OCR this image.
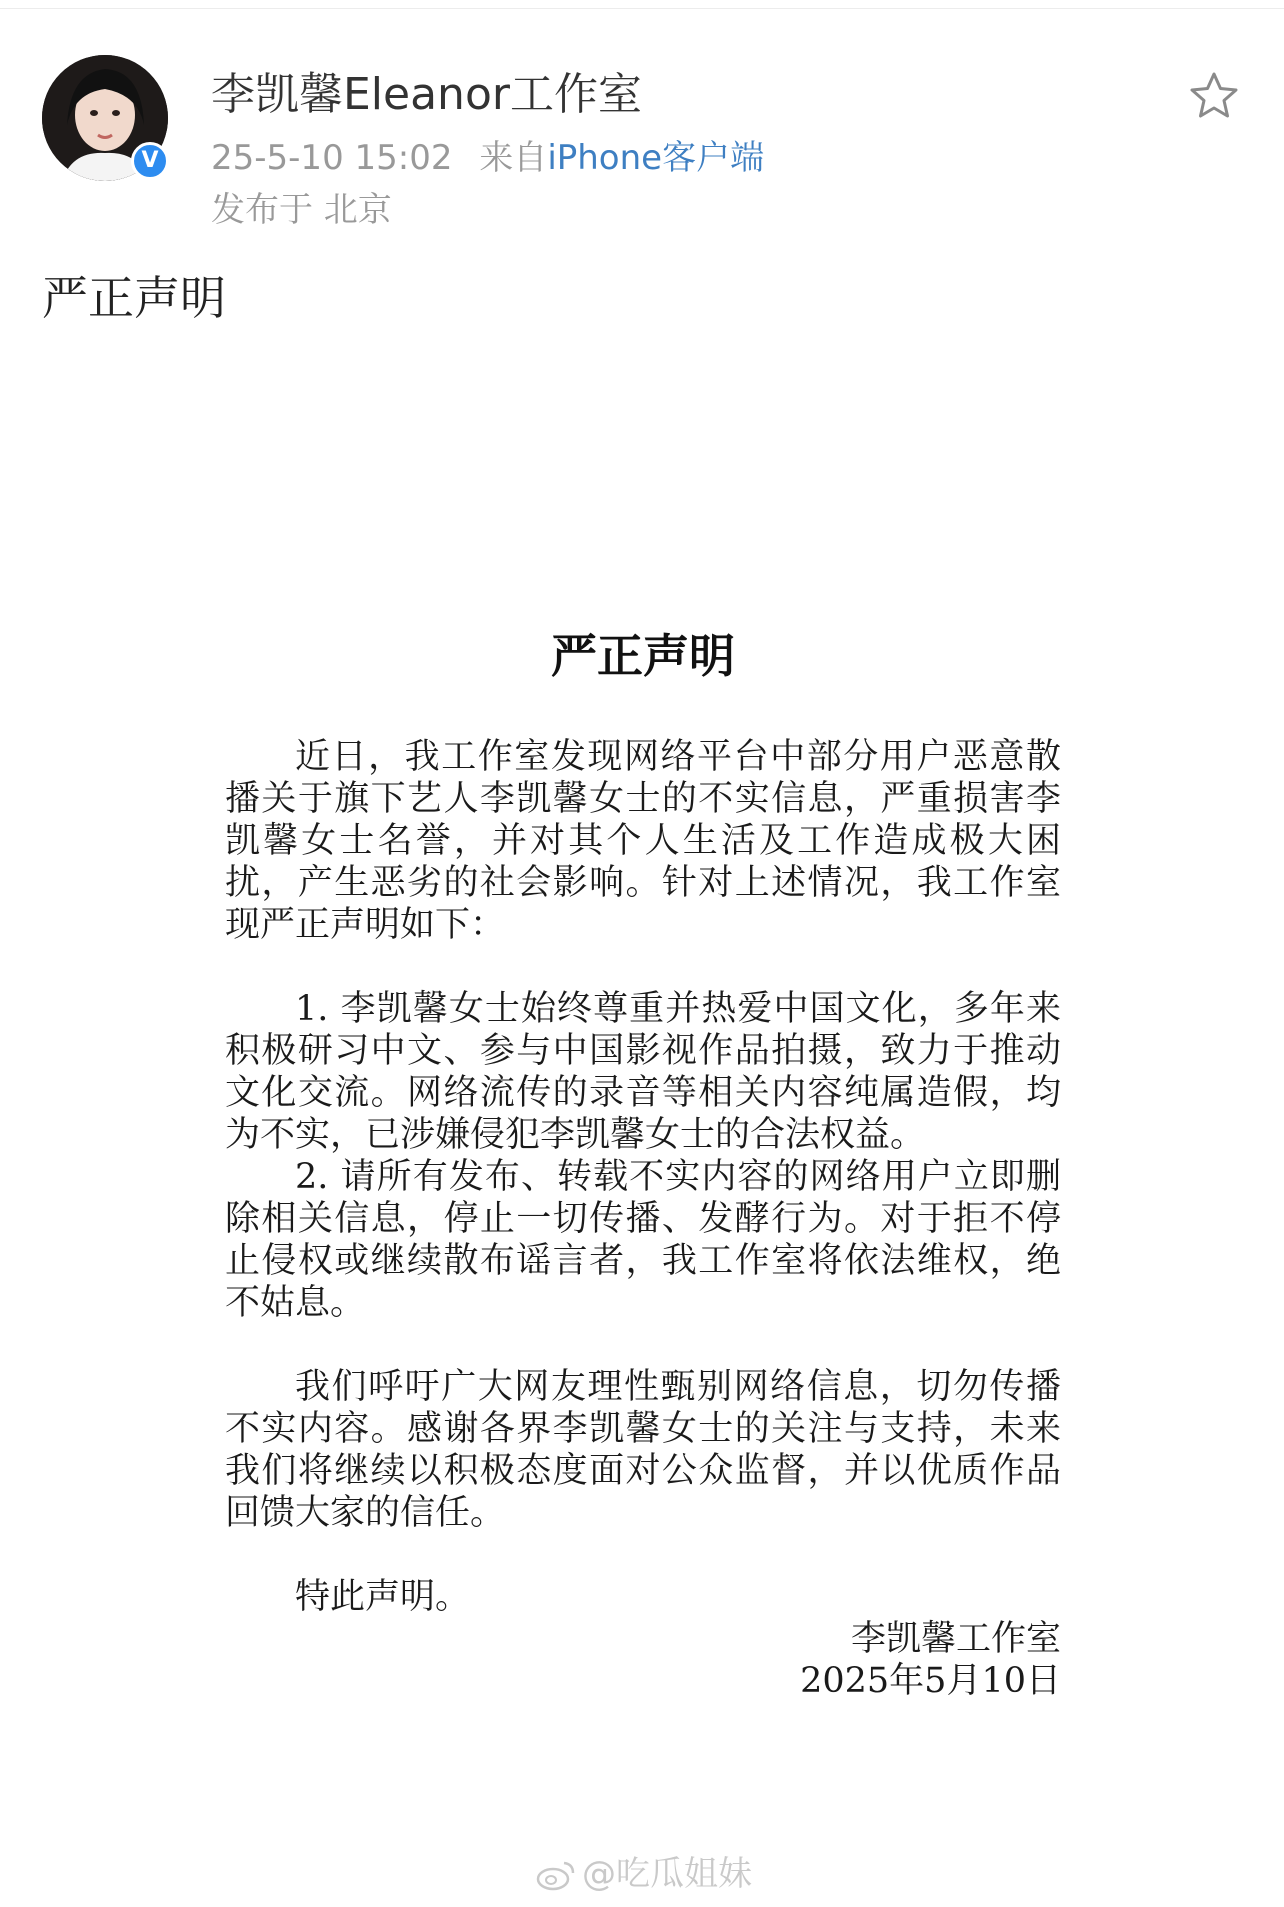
V
李凯馨Eleanor工作室
25-5-10 15:02 来自iPhone客户端
发布于 北京
严正声明
严正声明

近日，我工作室发现网络平台中部分用户恶意散播关于旗下艺人李凯馨女士的不实信息，严重损害李凯馨女士名誉，并对其个人生活及工作造成极大困扰，产生恶劣的社会影响。针对上述情况，我工作室现严正声明如下：

1. 李凯馨女士始终尊重并热爱中国文化，多年来积极研习中文、参与中国影视作品拍摄，致力于推动文化交流。网络流传的录音等相关内容纯属造假，均为不实，已涉嫌侵犯李凯馨女士的合法权益。

2. 请所有发布、转载不实内容的网络用户立即删除相关信息，停止一切传播、发酵行为。对于拒不停止侵权或继续散布谣言者，我工作室将依法维权，绝不姑息。

我们呼吁广大网友理性甄别网络信息，切勿传播不实内容。感谢各界李凯馨女士的关注与支持，未来我们将继续以积极态度面对公众监督，并以优质作品回馈大家的信任。

特此声明。

李凯馨工作室

2025年5月10日

@吃瓜姐妹
